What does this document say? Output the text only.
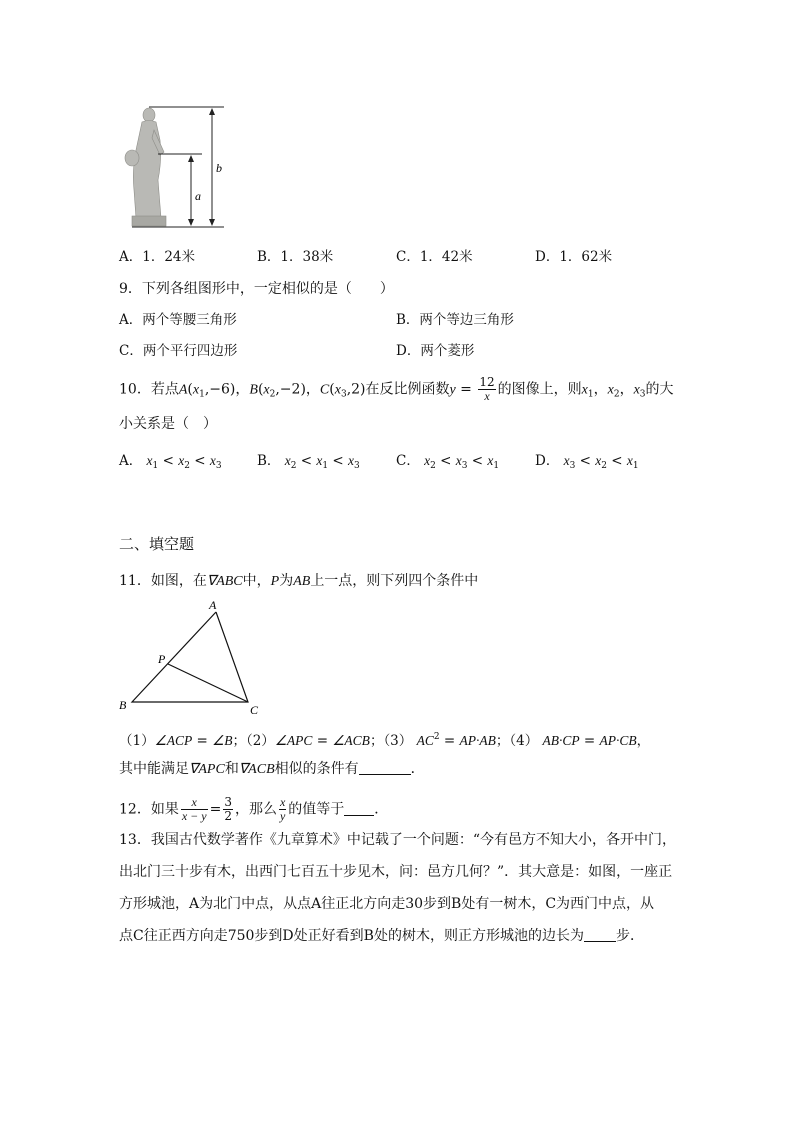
b
a
A．1．24米	B．1．38米	C．1．42米	D．1．62米
9．下列各组图形中，一定相似的是（　　）
A．两个等腰三角形	B．两个等边三角形
C．两个平行四边形	D．两个菱形
10．若点$A(x_1,-6)$，$B(x_2,-2)$，$C(x_3,2)$在反比例函数$y = \frac{12}{x}$ 的图像上，则$x_1$，$x_2$，$x_3$的大
小关系是（　）
A． $x_1 < x_2 < x_3$	B． $x_2 < x_1 < x_3$	C． $x_2 < x_3 < x_1$	D． $x_3 < x_2 < x_1$
二、填空题
11．如图，在∇ABC中，P为AB上一点，则下列四个条件中
A
B	C
P
（1）∠ACP = ∠B；（2）∠APC = ∠ACB；（3） $AC^2 = AP\cdot AB$；（4） AB·CP = AP·CB，
其中能满足∇APC和∇ACB相似的条件有	．
12．如果 $\frac{x}{x - y} = \frac{3}{2}$ ，那么 $\frac{x}{y}$ 的值等于 ．
13．我国古代数学著作《九章算术》中记载了一个问题：“今有邑方不知大小，各开中门，
出北门三十步有木，出西门七百五十步见木，问：邑方几何？”．其大意是：如图，一座正
方形城池，A为北门中点，从点A往正北方向走30步到B处有一树木，C为西门中点，从
点C往正西方向走750步到D处正好看到B处的树木，则正方形城池的边长为 步．
